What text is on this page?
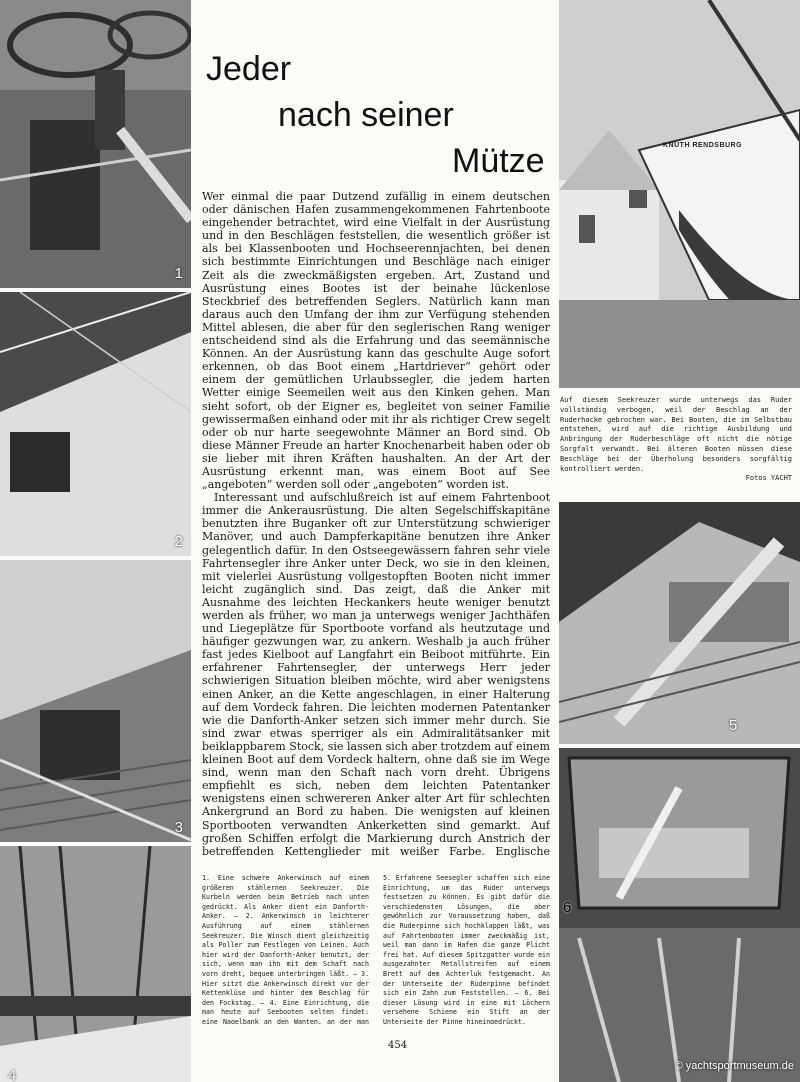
1
2
3
4
Jeder
nach seiner
Mütze

Wer einmal die paar Dutzend zufällig in einem deutschen oder dänischen Hafen zusammengekommenen Fahrtenboote eingehender betrachtet, wird eine Vielfalt in der Ausrüstung und in den Beschlägen feststellen, die wesentlich größer ist als bei Klassenbooten und Hochseerennjachten, bei denen sich bestimmte Einrichtungen und Beschläge nach einiger Zeit als die zweckmäßigsten ergeben. Art, Zustand und Ausrüstung eines Bootes ist der beinahe lückenlose Steckbrief des betreffenden Seglers. Natürlich kann man daraus auch den Umfang der ihm zur Verfügung stehenden Mittel ablesen, die aber für den seglerischen Rang weniger entscheidend sind als die Erfahrung und das seemännische Können. An der Ausrüstung kann das geschulte Auge sofort erkennen, ob das Boot einem „Hartdriever“ gehört oder einem der gemütlichen Urlaubssegler, die jedem harten Wetter einige Seemeilen weit aus den Kinken gehen. Man sieht sofort, ob der Eigner es, begleitet von seiner Familie gewissermaßen einhand oder mit ihr als richtiger Crew segelt oder ob nur harte seegewohnte Männer an Bord sind. Ob diese Männer Freude an harter Knochenarbeit haben oder ob sie lieber mit ihren Kräften haushalten. An der Art der Ausrüstung erkennt man, was einem Boot auf See „angeboten“ werden soll oder „angeboten“ worden ist.

Interessant und aufschlußreich ist auf einem Fahrtenboot immer die Ankerausrüstung. Die alten Segelschiffskapitäne benutzten ihre Buganker oft zur Unterstützung schwieriger Manöver, und auch Dampferkapitäne benutzen ihre Anker gelegentlich dafür. In den Ostseegewässern fahren sehr viele Fahrtensegler ihre Anker unter Deck, wo sie in den kleinen, mit vielerlei Ausrüstung vollgestopften Booten nicht immer leicht zugänglich sind. Das zeigt, daß die Anker mit Ausnahme des leichten Heckankers heute weniger benutzt werden als früher, wo man ja unterwegs weniger Jachthäfen und Liegeplätze für Sportboote vorfand als heutzutage und häufiger gezwungen war, zu ankern. Weshalb ja auch früher fast jedes Kielboot auf Langfahrt ein Beiboot mitführte. Ein erfahrener Fahrtensegler, der unterwegs Herr jeder schwierigen Situation bleiben möchte, wird aber wenigstens einen Anker, an die Kette angeschlagen, in einer Halterung auf dem Vordeck fahren. Die leichten modernen Patentanker wie die Danforth-Anker setzen sich immer mehr durch. Sie sind zwar etwas sperriger als ein Admiralitätsanker mit beiklappbarem Stock, sie lassen sich aber trotzdem auf einem kleinen Boot auf dem Vordeck haltern, ohne daß sie im Wege sind, wenn man den Schaft nach vorn dreht. Übrigens empfiehlt es sich, neben dem leichten Patentanker wenigstens einen schwereren Anker alter Art für schlechten Ankergrund an Bord zu haben. Die wenigsten auf kleinen Sportbooten verwandten Ankerketten sind gemarkt. Auf großen Schiffen erfolgt die Markierung durch Anstrich der betreffenden Kettenglieder mit weißer Farbe. Englische

1. Eine schwere Ankerwinsch auf einem größeren stählernen Seekreuzer. Die Kurbeln werden beim Betrieb nach unten gedrückt. Als Anker dient ein Danforth-Anker. — 2. Ankerwinsch in leichterer Ausführung auf einem stählernen Seekreuzer. Die Winsch dient gleichzeitig als Poller zum Festlegen von Leinen. Auch hier wird der Danforth-Anker benutzt, der sich, wenn man ihn mit dem Schaft nach vorn dreht, bequem unterbringen läßt. — 3. Hier sitzt die Ankerwinsch direkt vor der Kettenklüse und hinter dem Beschlag für den Fockstag. — 4. Eine Einrichtung, die man heute auf Seebooten selten findet: eine Nagelbank an den Wanten, an der man
5. Erfahrene Seesegler schaffen sich eine Einrichtung, um das Ruder unterwegs festsetzen zu können. Es gibt dafür die verschiedensten Lösungen, die aber gewöhnlich zur Voraussetzung haben, daß die Ruderpinne sich hochklappen läßt, was auf Fahrtenbooten immer zweckmäßig ist, weil man dann im Hafen die ganze Plicht frei hat. Auf diesem Spitzgatter wurde ein ausgezahnter Metallstreifen auf einem Brett auf dem Achterluk festgemacht. An der Unterseite der Ruderpinne befindet sich ein Zahn zum Feststellen. — 6. Bei dieser Lösung wird in eine mit Löchern versehene Schiene ein Stift an der Unterseite der Pinne hineingedrückt.
454
KNUTH RENDSBURG
Auf diesem Seekreuzer wurde unterwegs das Ruder vollständig verbogen, weil der Beschlag an der Ruderhacke gebrochen war. Bei Booten, die im Selbstbau entstehen, wird auf die richtige Ausbildung und Anbringung der Ruderbeschläge oft nicht die nötige Sorgfalt verwandt. Bei älteren Booten müssen diese Beschläge bei der Überholung besonders sorgfältig kontrolliert werden.
Fotos YACHT
5
6
© yachtsportmuseum.de
